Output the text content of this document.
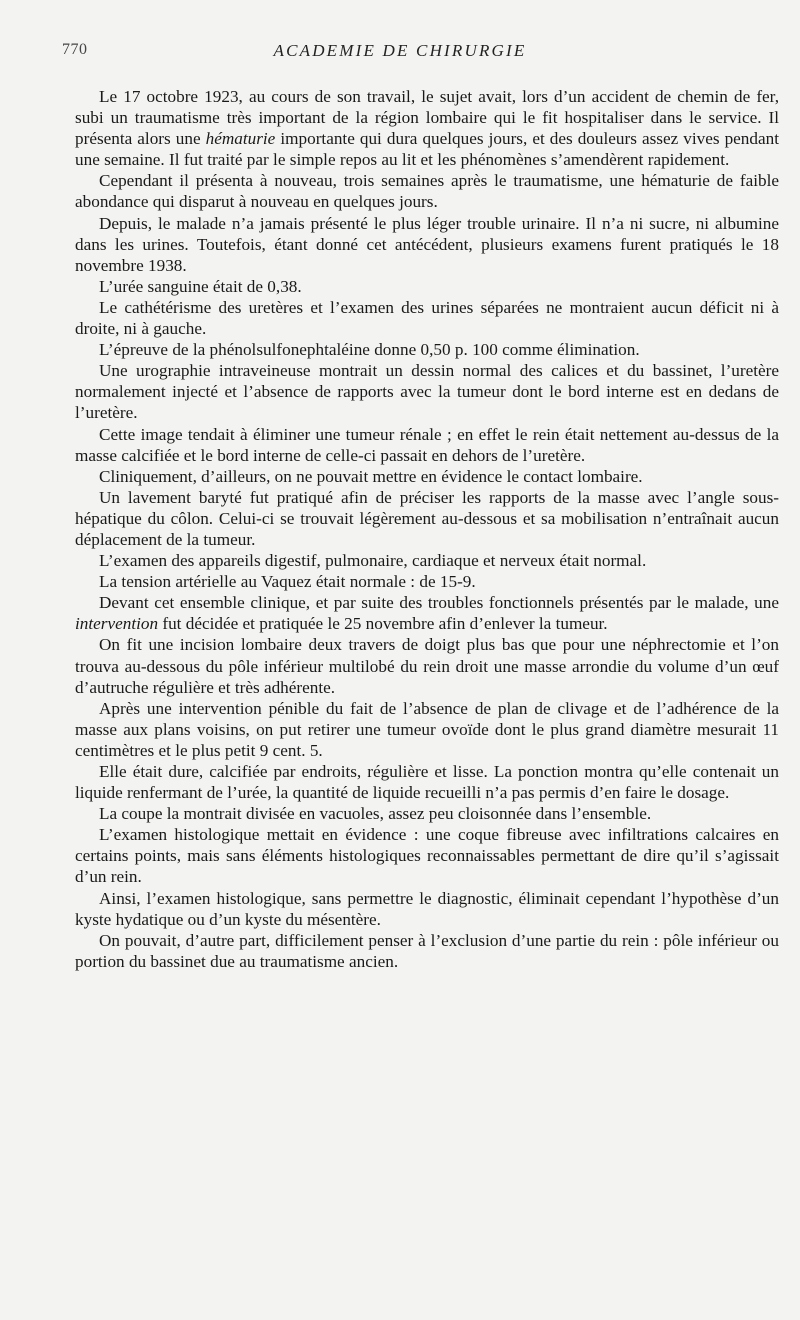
770	ACADEMIE DE CHIRURGIE

Le 17 octobre 1923, au cours de son travail, le sujet avait, lors d’un accident de chemin de fer, subi un traumatisme très important de la région lombaire qui le fit hospitaliser dans le service. Il présenta alors une hématurie importante qui dura quelques jours, et des douleurs assez vives pendant une semaine. Il fut traité par le simple repos au lit et les phénomènes s’amendèrent rapidement.

Cependant il présenta à nouveau, trois semaines après le traumatisme, une hématurie de faible abondance qui disparut à nouveau en quelques jours.

Depuis, le malade n’a jamais présenté le plus léger trouble urinaire. Il n’a ni sucre, ni albumine dans les urines. Toutefois, étant donné cet antécédent, plusieurs examens furent pratiqués le 18 novembre 1938.

L’urée sanguine était de 0,38.

Le cathétérisme des uretères et l’examen des urines séparées ne montraient aucun déficit ni à droite, ni à gauche.

L’épreuve de la phénolsulfonephtaléine donne 0,50 p. 100 comme élimination.

Une urographie intraveineuse montrait un dessin normal des calices et du bassinet, l’uretère normalement injecté et l’absence de rapports avec la tumeur dont le bord interne est en dedans de l’uretère.

Cette image tendait à éliminer une tumeur rénale ; en effet le rein était nettement au-dessus de la masse calcifiée et le bord interne de celle-ci passait en dehors de l’uretère.

Cliniquement, d’ailleurs, on ne pouvait mettre en évidence le contact lombaire.

Un lavement baryté fut pratiqué afin de préciser les rapports de la masse avec l’angle sous-hépatique du côlon. Celui-ci se trouvait légèrement au-dessous et sa mobilisation n’entraînait aucun déplacement de la tumeur.

L’examen des appareils digestif, pulmonaire, cardiaque et nerveux était normal.

La tension artérielle au Vaquez était normale : de 15-9.

Devant cet ensemble clinique, et par suite des troubles fonctionnels présentés par le malade, une intervention fut décidée et pratiquée le 25 novembre afin d’enlever la tumeur.

On fit une incision lombaire deux travers de doigt plus bas que pour une néphrectomie et l’on trouva au-dessous du pôle inférieur multilobé du rein droit une masse arrondie du volume d’un œuf d’autruche régulière et très adhérente.

Après une intervention pénible du fait de l’absence de plan de clivage et de l’adhérence de la masse aux plans voisins, on put retirer une tumeur ovoïde dont le plus grand diamètre mesurait 11 centimètres et le plus petit 9 cent. 5.

Elle était dure, calcifiée par endroits, régulière et lisse. La ponction montra qu’elle contenait un liquide renfermant de l’urée, la quantité de liquide recueilli n’a pas permis d’en faire le dosage.

La coupe la montrait divisée en vacuoles, assez peu cloisonnée dans l’ensemble.

L’examen histologique mettait en évidence : une coque fibreuse avec infiltrations calcaires en certains points, mais sans éléments histologiques reconnaissables permettant de dire qu’il s’agissait d’un rein.

Ainsi, l’examen histologique, sans permettre le diagnostic, éliminait cependant l’hypothèse d’un kyste hydatique ou d’un kyste du mésentère.

On pouvait, d’autre part, difficilement penser à l’exclusion d’une partie du rein : pôle inférieur ou portion du bassinet due au traumatisme ancien.
